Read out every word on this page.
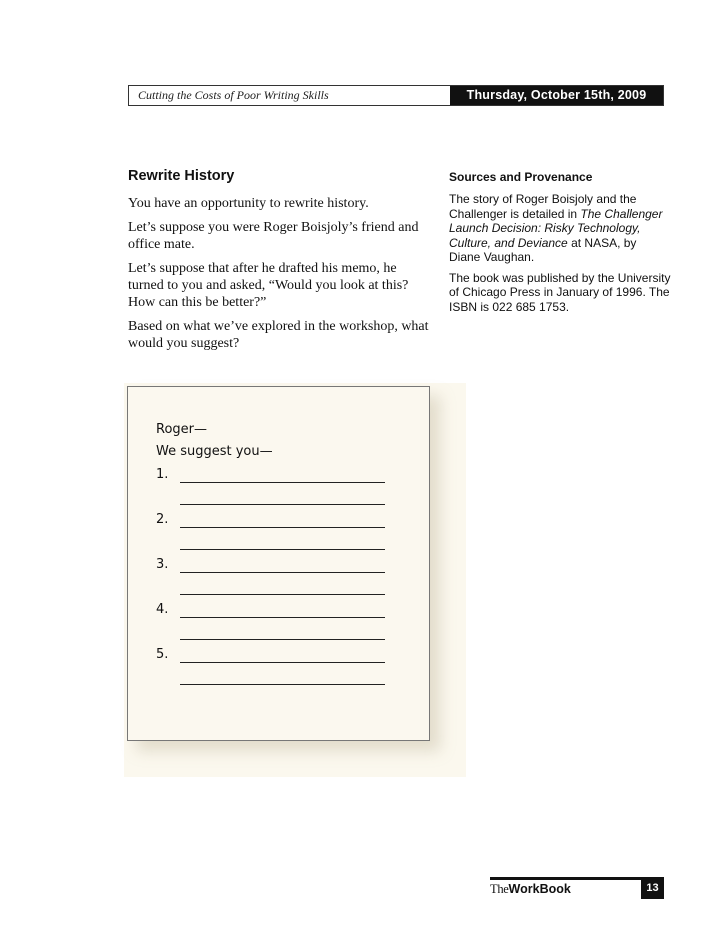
Cutting the Costs of Poor Writing Skills	Thursday, October 15th, 2009
Rewrite History

You have an opportunity to rewrite history.

Let’s suppose you were Roger Boisjoly’s friend and office mate.

Let’s suppose that after he drafted his memo, he turned to you and asked, “Would you look at this? How can this be better?”

Based on what we’ve explored in the workshop, what would you suggest?

Sources and Provenance

The story of Roger Boisjoly and the Challenger is detailed in The Challenger Launch Decision: Risky Technology, Culture, and Deviance at NASA, by Diane Vaughan.

The book was published by the University of Chicago Press in January of 1996. The ISBN is 022 685 1753.

Roger—
We suggest you—
1.
2.
3.
4.
5.
TheWorkBook	13
